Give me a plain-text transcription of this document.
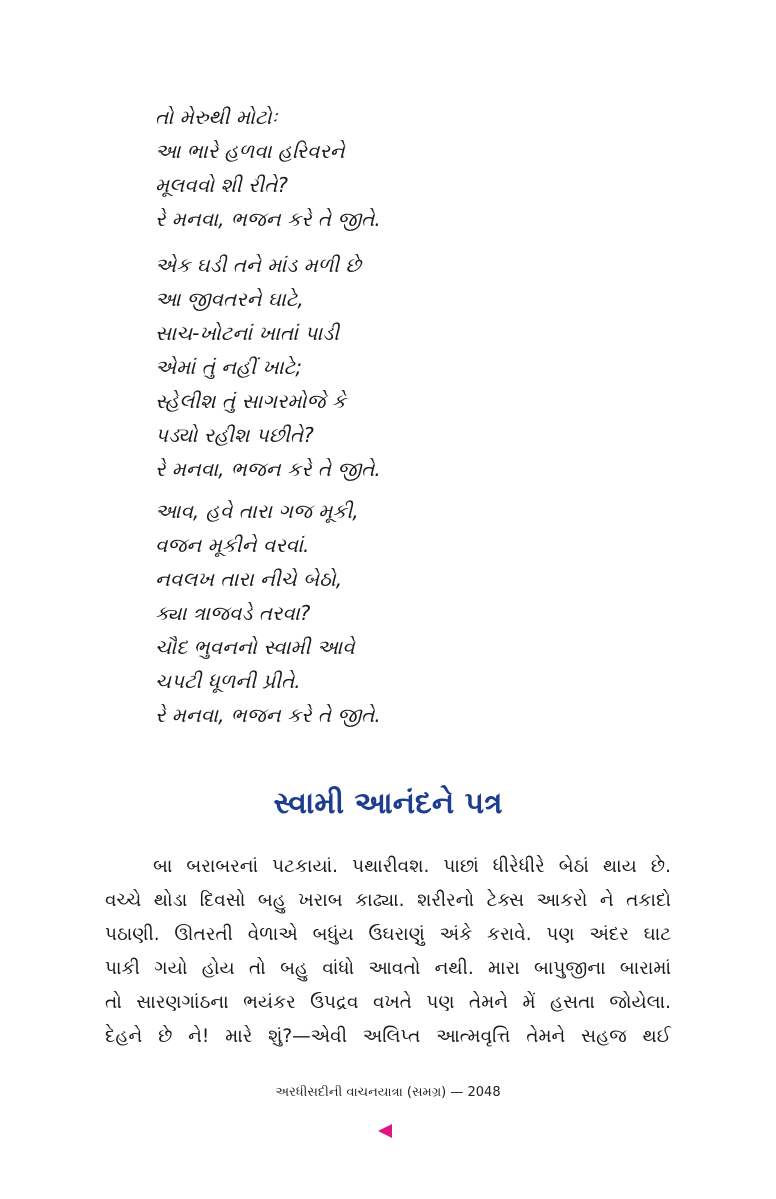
તો મેરુથી મોટોઃ
આ ભારે હળવા હરિવરને
મૂલવવો શી રીતે?
રે મનવા, ભજન કરે તે જીતે.
એક ઘડી તને માંડ મળી છે
આ જીવતરને ઘાટે,
સાચ-ખોટનાં ખાતાં પાડી
એમાં તું નહીં ખાટે;
સ્હેલીશ તું સાગરમોજે કે
પડ્યો રહીશ પછીતે?
રે મનવા, ભજન કરે તે જીતે.
આવ, હવે તારા ગજ મૂકી,
વજન મૂકીને વરવાં.
નવલખ તારા નીચે બેઠો,
ક્યા ત્રાજવડે તરવા?
ચૌદ ભુવનનો સ્વામી આવે
ચપટી ધૂળની પ્રીતે.
રે મનવા, ભજન કરે તે જીતે.
સ્વામી આનંદને પત્ર
બા બરાબરનાં પટકાયાં. પથારીવશ. પાછાં ધીરેધીરે બેઠાં થાય છે.
વચ્ચે થોડા દિવસો બહુ ખરાબ કાઢ્યા. શરીરનો ટેક્સ આકરો ને તકાદો
પઠાણી. ઊતરતી વેળાએ બધુંય ઉઘરાણું અંકે કરાવે. પણ અંદર ઘાટ
પાકી ગયો હોય તો બહુ વાંધો આવતો નથી. મારા બાપુજીના બારામાં
તો સારણગાંઠના ભયંકર ઉપદ્રવ વખતે પણ તેમને મેં હસતા જોયેલા.
દેહને છે ને! મારે શું?—એવી અલિપ્ત આત્મવૃત્તિ તેમને સહજ થઈ
અરધીસદીની વાચનયાત્રા (સમગ્ર) — 2048
